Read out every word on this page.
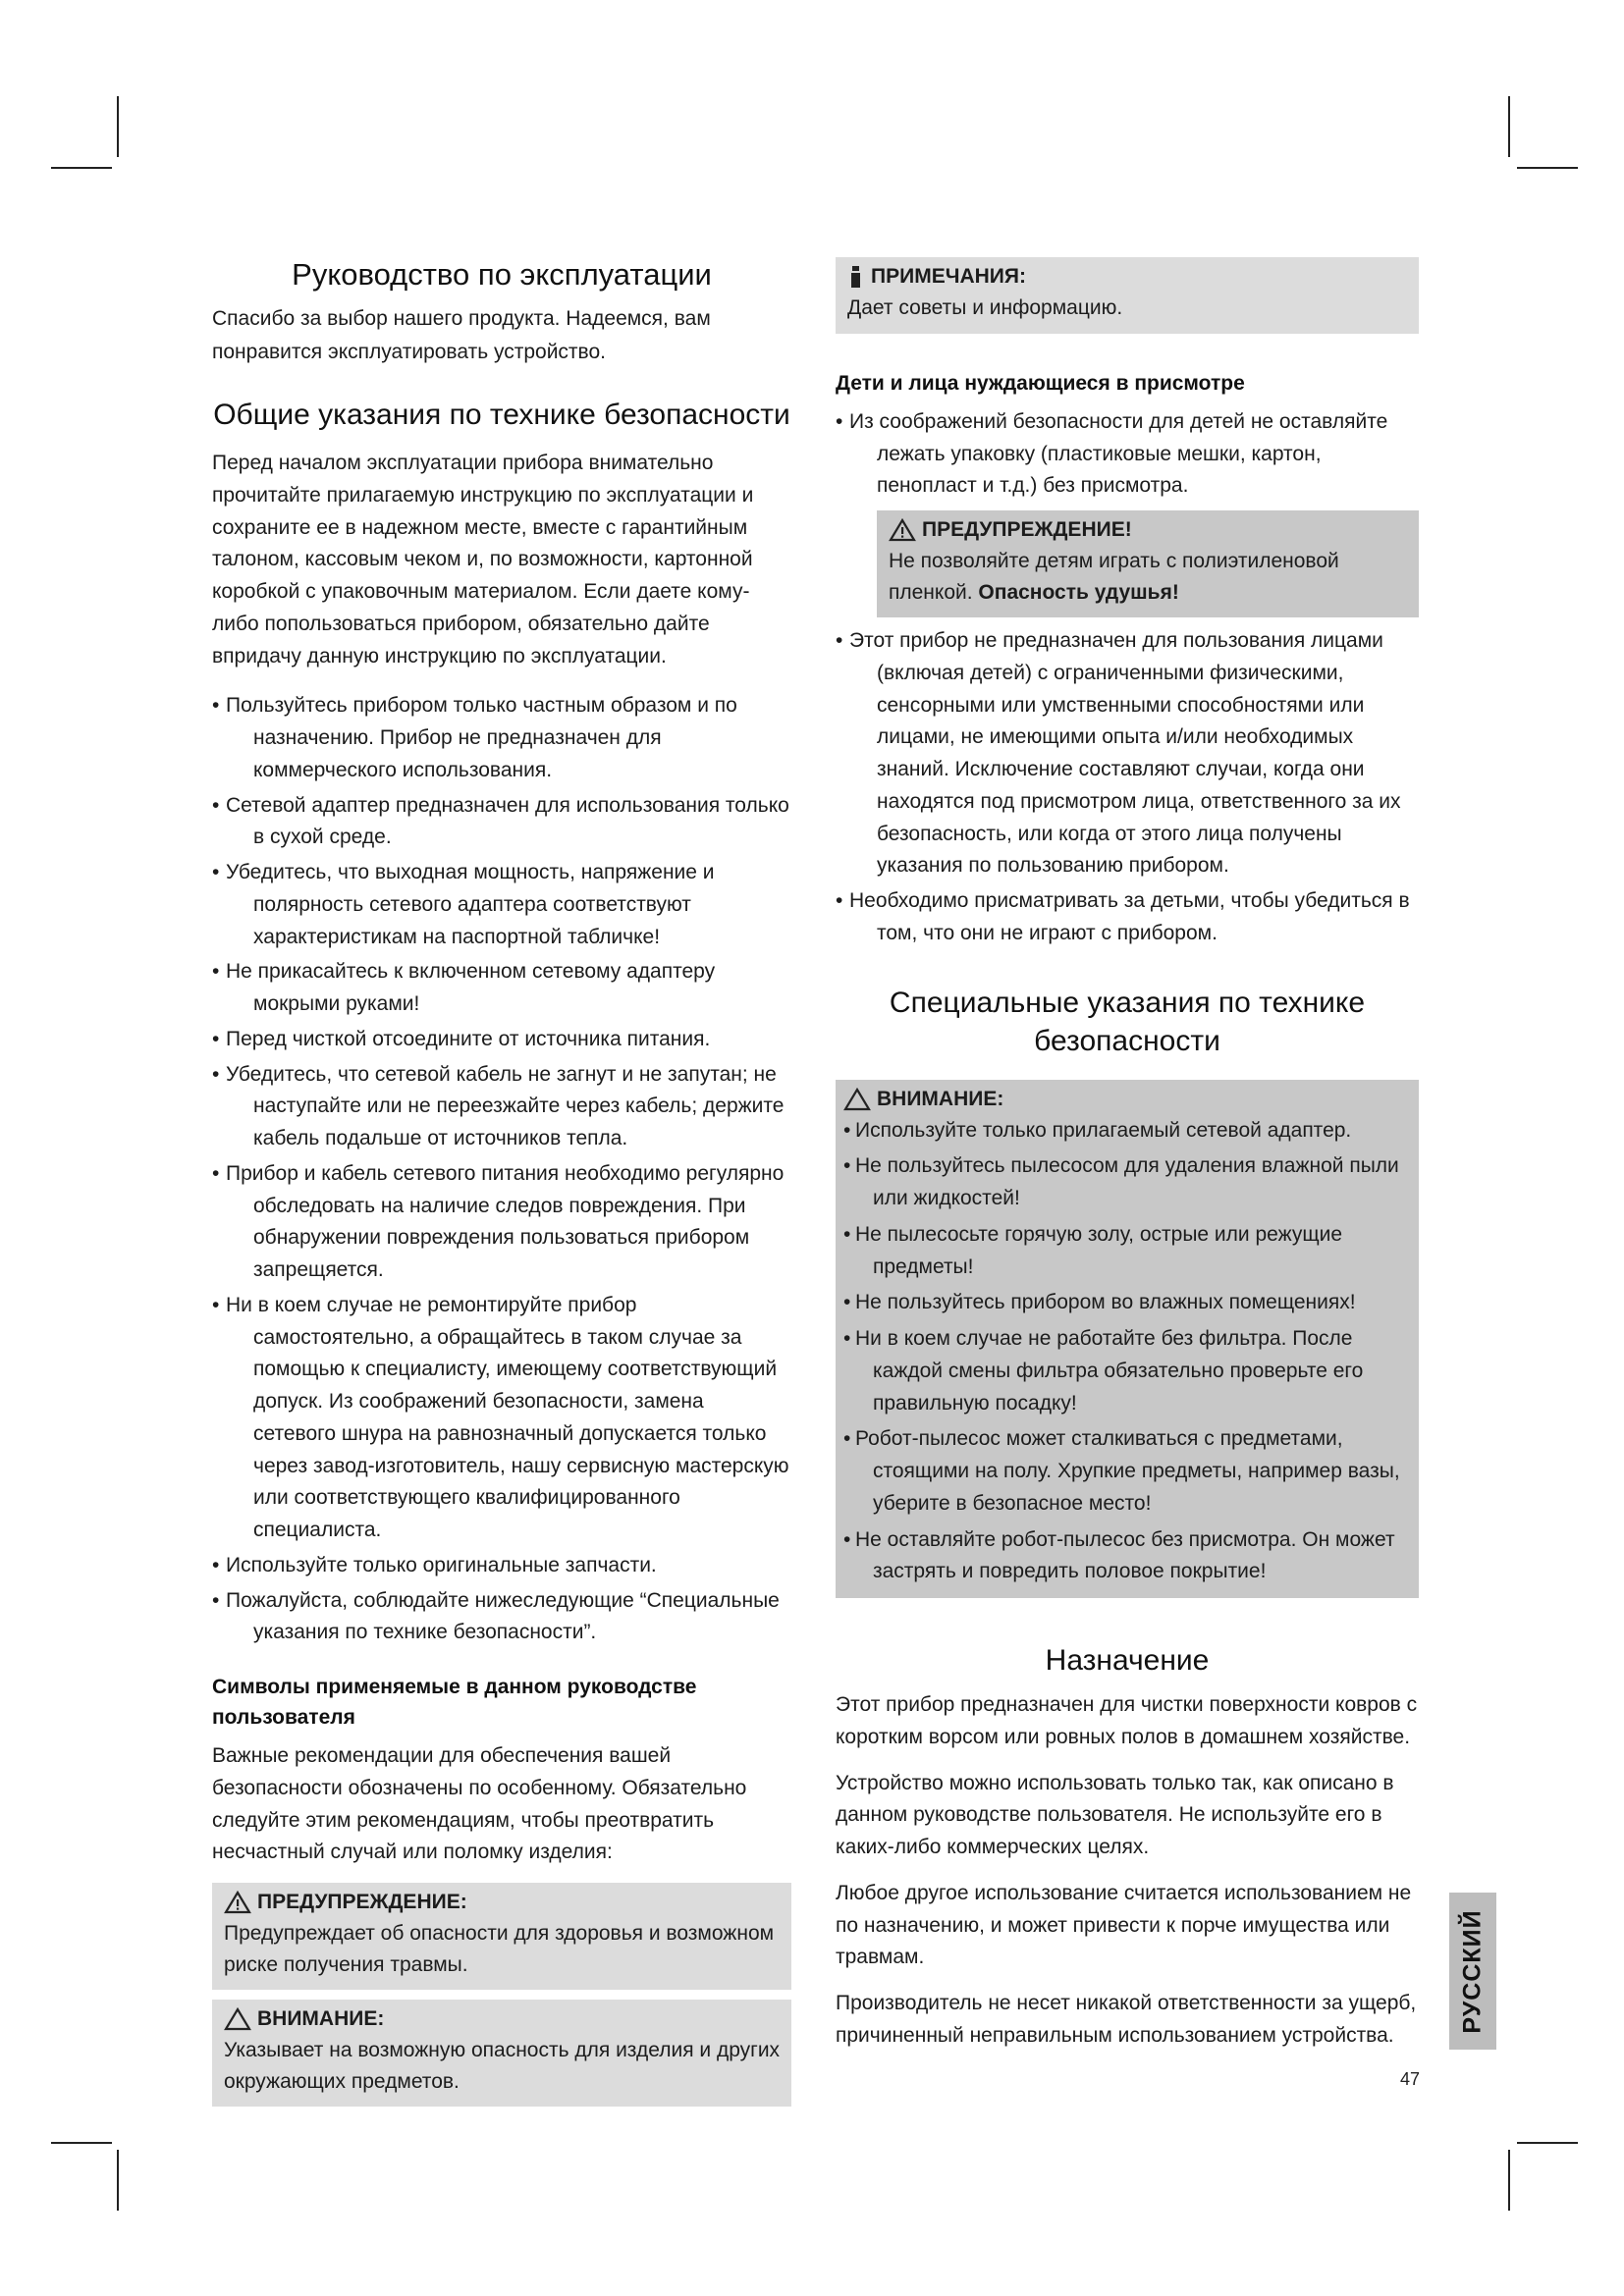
Руководство по эксплуатации

Спасибо за выбор нашего продукта. Надеемся, вам понравится эксплуатировать устройство.

Общие указания по технике безопасности

Перед началом эксплуатации прибора внимательно прочитайте прилагаемую инструкцию по эксплуатации и сохраните ее в надежном месте, вместе с гарантийным талоном, кассовым чеком и, по возможности, картонной коробкой с упаковочным материалом. Если даете кому-либо попользоваться прибором, обязательно дайте впридачу данную инструкцию по эксплуатации.

• Пользуйтесь прибором только частным образом и по назначению. Прибор не предназначен для коммерческого использования.
• Сетевой адаптер предназначен для использования только в сухой среде.
• Убедитесь, что выходная мощность, напряжение и полярность сетевого адаптера соответствуют характеристикам на паспортной табличке!
• Не прикасайтесь к включенном сетевому адаптеру мокрыми руками!
• Перед чисткой отсоедините от источника питания.
• Убедитесь, что сетевой кабель не загнут и не запутан; не наступайте или не переезжайте через кабель; держите кабель подальше от источников тепла.
• Прибор и кабель сетевого питания необходимо регулярно обследовать на наличие следов повреждения. При обнаружении повреждения пользоваться прибором запрещяется.
• Ни в коем случае не ремонтируйте прибор самостоятельно, а обращайтесь в таком случае за помощью к специалисту, имеющему соответствующий допуск. Из соображений безопасности, замена сетевого шнура на равнозначный допускается только через завод-изготовитель, нашу сервисную мастерскую или соответствующего квалифицированного специалиста.
• Используйте только оригинальные запчасти.
• Пожалуйста, соблюдайте нижеследующие “Специальные указания по технике безопасности”.
Символы применяемые в данном руководстве пользователя

Важные рекомендации для обеспечения вашей безопасности обозначены по особенному. Обязательно следуйте этим рекомендациям, чтобы преотвратить несчастный случай или поломку изделия:

ПРЕДУПРЕЖДЕНИЕ:
Предупреждает об опасности для здоровья и возможном риске получения травмы.
ВНИМАНИЕ:
Указывает на возможную опасность для изделия и других окружающих предметов.
ПРИМЕЧАНИЯ:
Дает советы и информацию.
Дети и лица нуждающиеся в присмотре
• Из соображений безопасности для детей не оставляйте лежать упаковку (пластиковые мешки, картон, пенопласт и т.д.) без присмотра.
ПРЕДУПРЕЖДЕНИЕ!
Не позволяйте детям играть с полиэтиленовой пленкой. Опасность удушья!
• Этот прибор не предназначен для пользования лицами (включая детей) с ограниченными физическими, сенсорными или умственными способностями или лицами, не имеющими опыта и/или необходимых знаний. Исключение составляют случаи, когда они находятся под присмотром лица, ответственного за их безопасность, или когда от этого лица получены указания по пользованию прибором.
• Необходимо присматривать за детьми, чтобы убедиться в том, что они не играют с прибором.
Специальные указания по технике
безопасности
ВНИМАНИЕ:
• Используйте только прилагаемый сетевой адаптер.
• Не пользуйтесь пылесосом для удаления влажной пыли или жидкостей!
• Не пылесосьте горячую золу, острые или режущие предметы!
• Не пользуйтесь прибором во влажных помещениях!
• Ни в коем случае не работайте без фильтра. После каждой смены фильтра обязательно проверьте его правильную посадку!
• Робот-пылесос может сталкиваться с предметами, стоящими на полу. Хрупкие предметы, например вазы, уберите в безопасное место!
• Не оставляйте робот-пылесос без присмотра. Он может застрять и повредить половое покрытие!
Назначение

Этот прибор предназначен для чистки поверхности ковров с коротким ворсом или ровных полов в домашнем хозяйстве.

Устройство можно использовать только так, как описано в данном руководстве пользователя. Не используйте его в каких-либо коммерческих целях.

Любое другое использование считается использованием не по назначению, и может привести к порче имущества или травмам.

Производитель не несет никакой ответственности за ущерб, причиненный неправильным использованием устройства.

РУССКИЙ
47
